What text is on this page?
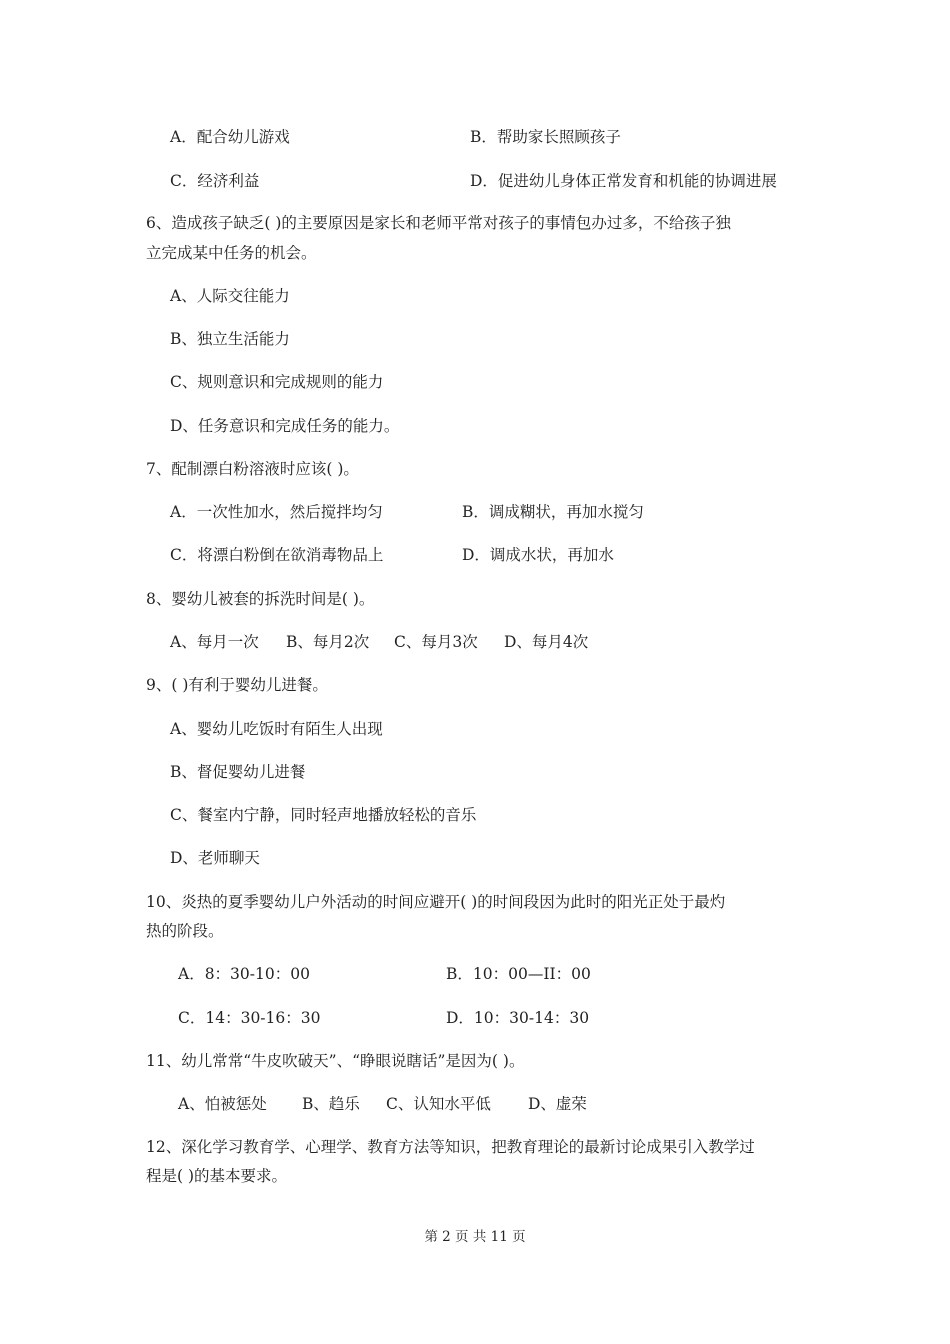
A．配合幼儿游戏	B．帮助家长照顾孩子
C．经济利益	D．促进幼儿身体正常发育和机能的协调进展
6、造成孩子缺乏( )的主要原因是家长和老师平常对孩子的事情包办过多，不给孩子独
立完成某中任务的机会。
A、人际交往能力
B、独立生活能力
C、规则意识和完成规则的能力
D、任务意识和完成任务的能力。
7、配制漂白粉溶液时应该( )。
A．一次性加水，然后搅拌均匀	B．调成糊状，再加水搅匀
C．将漂白粉倒在欲消毒物品上	D．调成水状，再加水
8、婴幼儿被套的拆洗时间是( )。
A、每月一次 B、每月2次 C、每月3次 D、每月4次
9、( )有利于婴幼儿进餐。
A、婴幼儿吃饭时有陌生人出现
B、督促婴幼儿进餐
C、餐室内宁静，同时轻声地播放轻松的音乐
D、老师聊天
10、炎热的夏季婴幼儿户外活动的时间应避开( )的时间段因为此时的阳光正处于最灼
热的阶段。
A．8：30-10：00	B．10：00—II：00
C．14：30-16：30	D．10：30-14：30
11、幼儿常常“牛皮吹破天”、“睁眼说瞎话”是因为( )。
A、怕被惩处 B、趋乐 C、认知水平低 D、虚荣
12、深化学习教育学、心理学、教育方法等知识，把教育理论的最新讨论成果引入教学过
程是( )的基本要求。
第 2 页 共 11 页
